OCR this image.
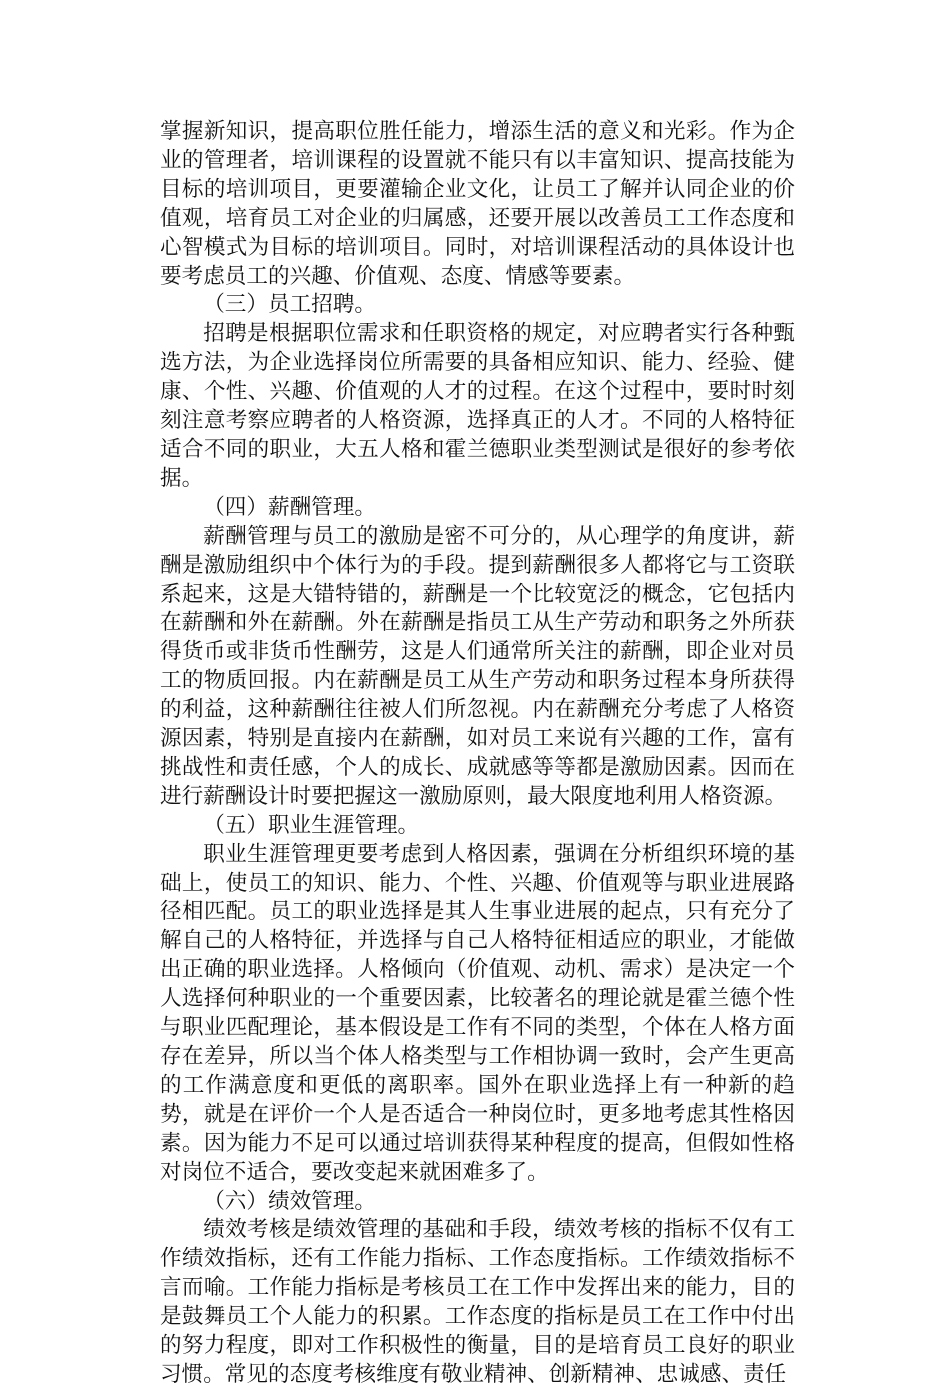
掌握新知识，提高职位胜任能力，增添生活的意义和光彩。作为企业的管理者，培训课程的设置就不能只有以丰富知识、提高技能为目标的培训项目，更要灌输企业文化，让员工了解并认同企业的价值观，培育员工对企业的归属感，还要开展以改善员工工作态度和心智模式为目标的培训项目。同时，对培训课程活动的具体设计也要考虑员工的兴趣、价值观、态度、情感等要素。

（三）员工招聘。

招聘是根据职位需求和任职资格的规定，对应聘者实行各种甄选方法，为企业选择岗位所需要的具备相应知识、能力、经验、健康、个性、兴趣、价值观的人才的过程。在这个过程中，要时时刻刻注意考察应聘者的人格资源，选择真正的人才。不同的人格特征适合不同的职业，大五人格和霍兰德职业类型测试是很好的参考依据。

（四）薪酬管理。

薪酬管理与员工的激励是密不可分的，从心理学的角度讲，薪酬是激励组织中个体行为的手段。提到薪酬很多人都将它与工资联系起来，这是大错特错的，薪酬是一个比较宽泛的概念，它包括内在薪酬和外在薪酬。外在薪酬是指员工从生产劳动和职务之外所获得货币或非货币性酬劳，这是人们通常所关注的薪酬，即企业对员工的物质回报。内在薪酬是员工从生产劳动和职务过程本身所获得的利益，这种薪酬往往被人们所忽视。内在薪酬充分考虑了人格资源因素，特别是直接内在薪酬，如对员工来说有兴趣的工作，富有挑战性和责任感，个人的成长、成就感等等都是激励因素。因而在进行薪酬设计时要把握这一激励原则，最大限度地利用人格资源。

（五）职业生涯管理。

职业生涯管理更要考虑到人格因素，强调在分析组织环境的基础上，使员工的知识、能力、个性、兴趣、价值观等与职业进展路径相匹配。员工的职业选择是其人生事业进展的起点，只有充分了解自己的人格特征，并选择与自己人格特征相适应的职业，才能做出正确的职业选择。人格倾向（价值观、动机、需求）是决定一个人选择何种职业的一个重要因素，比较著名的理论就是霍兰德个性与职业匹配理论，基本假设是工作有不同的类型，个体在人格方面存在差异，所以当个体人格类型与工作相协调一致时，会产生更高的工作满意度和更低的离职率。国外在职业选择上有一种新的趋势，就是在评价一个人是否适合一种岗位时，更多地考虑其性格因素。因为能力不足可以通过培训获得某种程度的提高，但假如性格对岗位不适合，要改变起来就困难多了。

（六）绩效管理。

绩效考核是绩效管理的基础和手段，绩效考核的指标不仅有工作绩效指标，还有工作能力指标、工作态度指标。工作绩效指标不言而喻。工作能力指标是考核员工在工作中发挥出来的能力，目的是鼓舞员工个人能力的积累。工作态度的指标是员工在工作中付出的努力程度，即对工作积极性的衡量，目的是培育员工良好的职业习惯。常见的态度考核维度有敬业精神、创新精神、忠诚感、责任
